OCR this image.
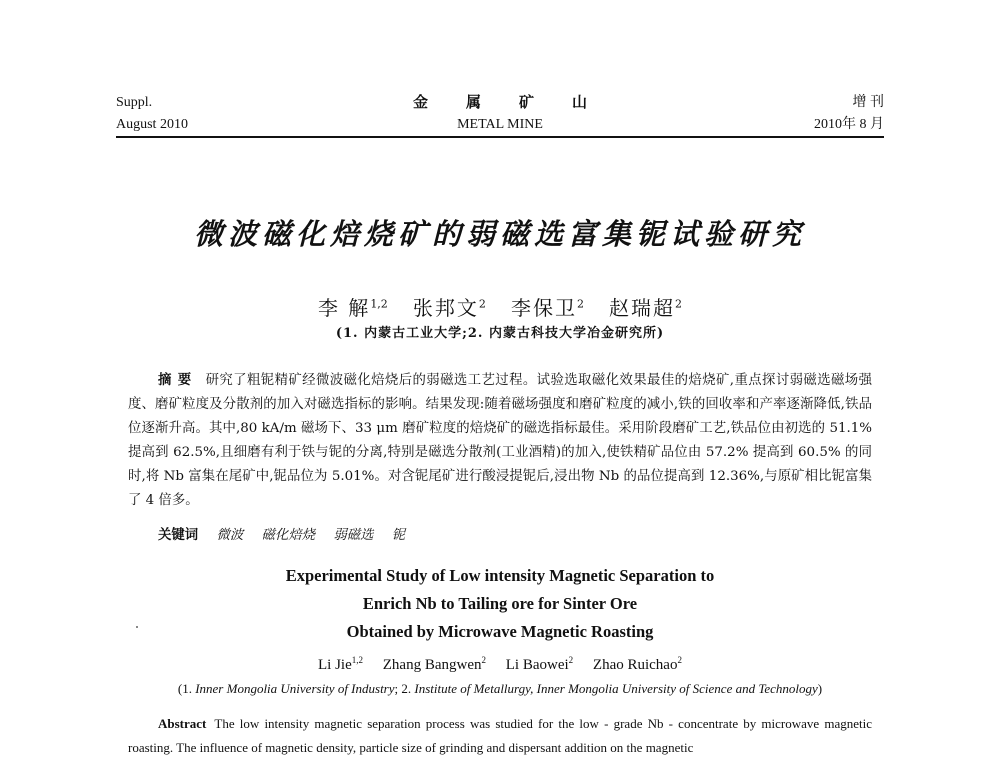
Suppl.
August 2010
金属矿山
METAL MINE
增 刊
2010年 8 月
微波磁化焙烧矿的弱磁选富集铌试验研究
李 解$^{1,2}$ 张邦文$^2$ 李保卫$^2$ 赵瑞超$^2$
(1. 内蒙古工业大学;2. 内蒙古科技大学冶金研究所)
摘要 研究了粗铌精矿经微波磁化焙烧后的弱磁选工艺过程。试验选取磁化效果最佳的焙烧矿,重点探讨弱磁选磁场强度、磨矿粒度及分散剂的加入对磁选指标的影响。结果发现:随着磁场强度和磨矿粒度的减小,铁的回收率和产率逐渐降低,铁品位逐渐升高。其中,80 kA/m 磁场下、33 μm 磨矿粒度的焙烧矿的磁选指标最佳。采用阶段磨矿工艺,铁品位由初选的 51.1% 提高到 62.5%,且细磨有利于铁与铌的分离,特别是磁选分散剂(工业酒精)的加入,使铁精矿品位由 57.2% 提高到 60.5% 的同时,将 Nb 富集在尾矿中,铌品位为 5.01%。对含铌尾矿进行酸浸提铌后,浸出物 Nb 的品位提高到 12.36%,与原矿相比铌富集了 4 倍多。
关键词 微波 磁化焙烧 弱磁选 铌
Experimental Study of Low intensity Magnetic Separation to
Enrich Nb to Tailing ore for Sinter Ore
Obtained by Microwave Magnetic Roasting
Li Jie$^{1,2}$ Zhang Bangwen$^2$ Li Baowei$^2$ Zhao Ruichao$^2$
(1. Inner Mongolia University of Industry; 2. Institute of Metallurgy, Inner Mongolia University of Science and Technology)
Abstract The low intensity magnetic separation process was studied for the low - grade Nb - concentrate by microwave magnetic roasting. The influence of magnetic density, particle size of grinding and dispersant addition on the magnetic
